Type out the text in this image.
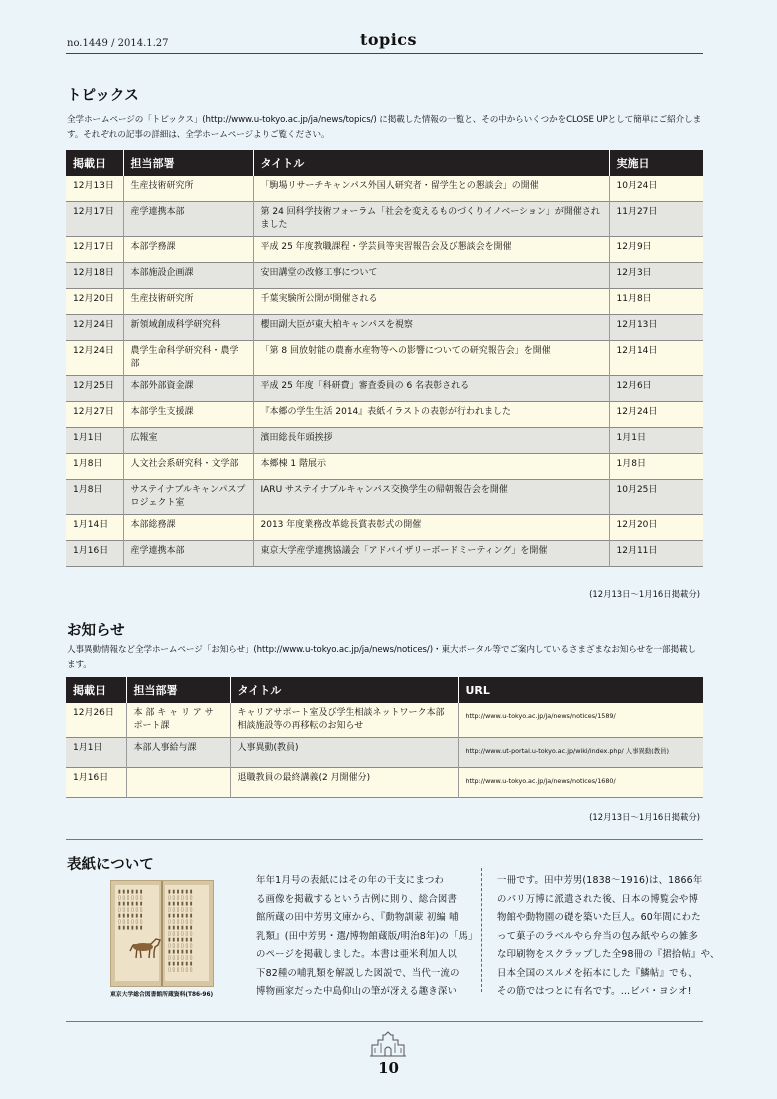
no.1449 / 2014.1.27	topics
トピックス

全学ホームページの「トピックス」(http://www.u-tokyo.ac.jp/ja/news/topics/) に掲載した情報の一覧と、その中からいくつかをCLOSE UPとして簡単にご紹介します。それぞれの記事の詳細は、全学ホームページよりご覧ください。

掲載日	担当部署	タイトル	実施日
12月13日	生産技術研究所	「駒場リサーチキャンパス外国人研究者・留学生との懇談会」の開催	10月24日
12月17日	産学連携本部	第 24 回科学技術フォーラム「社会を変えるものづくりイノベーション」が開催されました	11月27日
12月17日	本部学務課	平成 25 年度教職課程・学芸員等実習報告会及び懇談会を開催	12月9日
12月18日	本部施設企画課	安田講堂の改修工事について	12月3日
12月20日	生産技術研究所	千葉実験所公開が開催される	11月8日
12月24日	新領域創成科学研究科	櫻田副大臣が東大柏キャンパスを視察	12月13日
12月24日	農学生命科学研究科・農学部	「第 8 回放射能の農畜水産物等への影響についての研究報告会」を開催	12月14日
12月25日	本部外部資金課	平成 25 年度「科研費」審査委員の 6 名表彰される	12月6日
12月27日	本部学生支援課	『本郷の学生生活 2014』表紙イラストの表彰が行われました	12月24日
1月1日	広報室	濱田総長年頭挨拶	1月1日
1月8日	人文社会系研究科・文学部	本郷棟 1 階展示	1月8日
1月8日	サステイナブルキャンパスプロジェクト室	IARU サステイナブルキャンパス交換学生の帰朝報告会を開催	10月25日
1月14日	本部総務課	2013 年度業務改革総長賞表彰式の開催	12月20日
1月16日	産学連携本部	東京大学産学連携協議会「アドバイザリーボードミーティング」を開催	12月11日
(12月13日〜1月16日掲載分)
お知らせ

人事異動情報など全学ホームページ「お知らせ」(http://www.u-tokyo.ac.jp/ja/news/notices/)・東大ポータル等でご案内しているさまざまなお知らせを一部掲載します。

掲載日	担当部署	タイトル	URL
12月26日	本 部 キ ャ リ ア サ ポート課	キャリアサポート室及び学生相談ネットワーク本部相談施設等の再移転のお知らせ	http://www.u-tokyo.ac.jp/ja/news/notices/1589/
1月1日	本部人事給与課	人事異動(教員)	http://www.ut-portal.u-tokyo.ac.jp/wiki/index.php/ 人事異動(教員)
1月16日		退職教員の最終講義(2 月開催分)	http://www.u-tokyo.ac.jp/ja/news/notices/1680/
(12月13日〜1月16日掲載分)
表紙について
▮ ▮ ▮ ▮ ▮ ▮
▯ ▯ ▯ ▯ ▯ ▯
▮ ▮ ▮ ▮ ▮ ▮
▯ ▯ ▯ ▯ ▯ ▯
▮ ▮ ▮ ▮ ▮ ▮
▯ ▯ ▯ ▯ ▯ ▯
▮ ▮ ▮ ▮ ▮ ▮
▮ ▮ ▮ ▮ ▮ ▮
▯ ▯ ▯ ▯ ▯ ▯
▮ ▮ ▮ ▮ ▮ ▮
▯ ▯ ▯ ▯ ▯ ▯
▮ ▮ ▮ ▮ ▮ ▮
▯ ▯ ▯ ▯ ▯ ▯
▮ ▮ ▮ ▮ ▮ ▮
▯ ▯ ▯ ▯ ▯ ▯
▮ ▮ ▮ ▮ ▮ ▮
▯ ▯ ▯ ▯ ▯ ▯
▮ ▮ ▮ ▮ ▮ ▮
▯ ▯ ▯ ▯ ▯ ▯
▮ ▮ ▮ ▮ ▮ ▮
▯ ▯ ▯ ▯ ▯ ▯
東京大学総合図書館所蔵資料(T86-96)
年年1月号の表紙にはその年の干支にまつわ
る画像を掲載するという古例に則り、総合図書
館所蔵の田中芳男文庫から、『動物訓蒙 初編 哺
乳類』(田中芳男・選/博物館蔵版/明治8年)の「馬」
のページを掲載しました。本書は亜米利加人以
下82種の哺乳類を解説した図説で、当代一流の
博物画家だった中島仰山の筆が冴える趣き深い
一冊です。田中芳男(1838〜1916)は、1866年
のパリ万博に派遣された後、日本の博覧会や博
物館や動物園の礎を築いた巨人。60年間にわた
って菓子のラベルやら弁当の包み紙やらの雑多
な印刷物をスクラップした全98冊の『捃拾帖』や、
日本全国のスルメを拓本にした『鱗帖』でも、
その筋ではつとに有名です。…ビバ・ヨシオ!
10
